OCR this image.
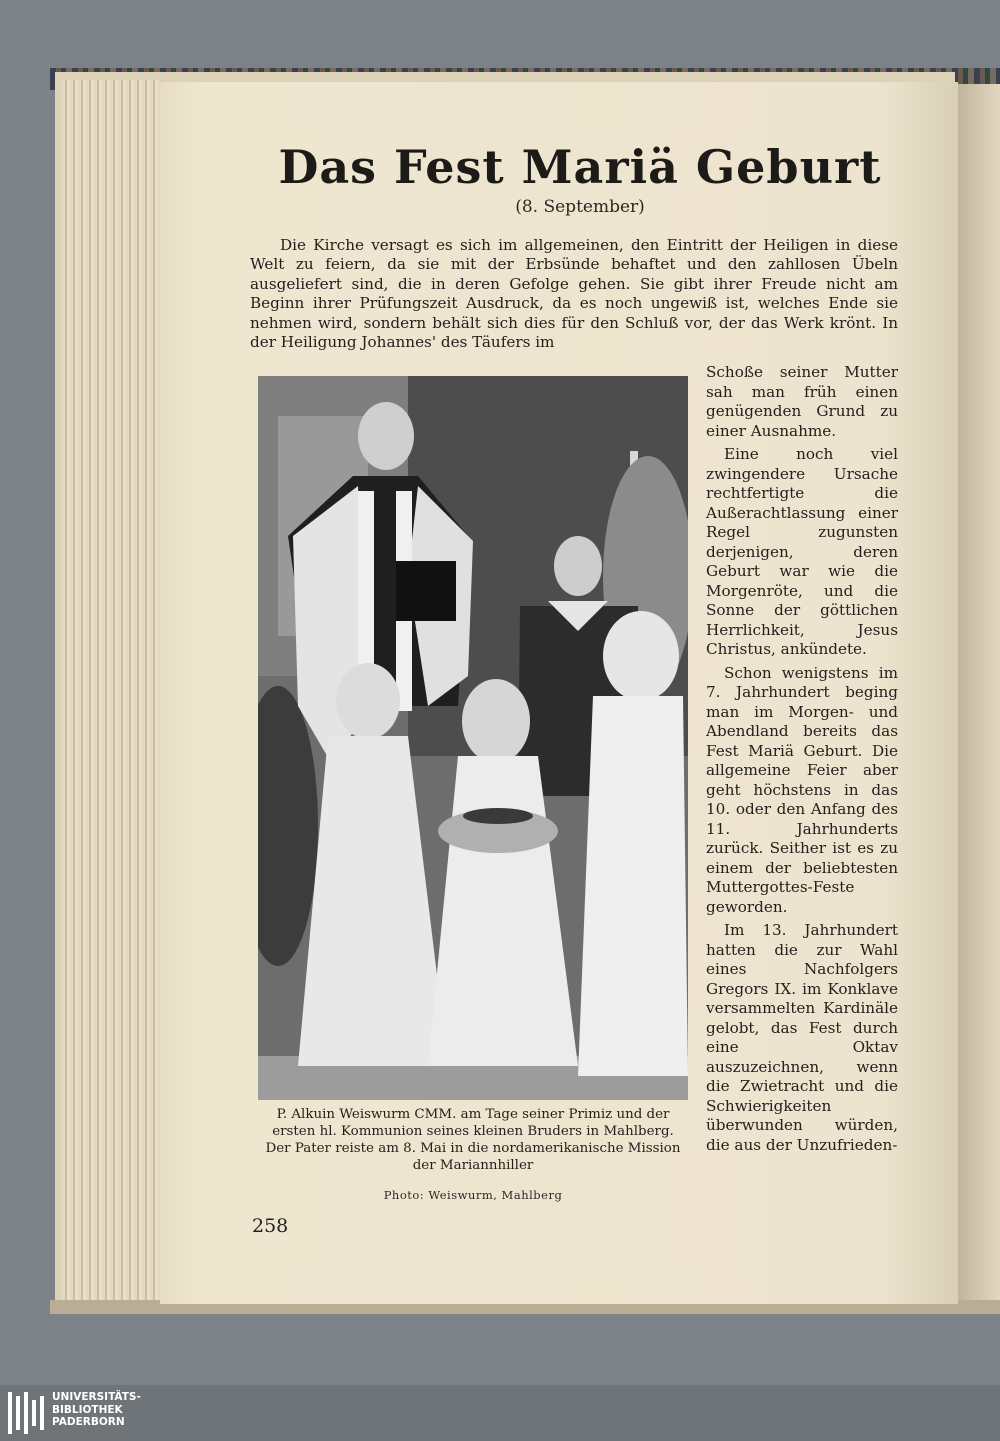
Das Fest Mariä Geburt
(8. September)
Die Kirche versagt es sich im allgemeinen, den Eintritt der Heiligen in diese Welt zu feiern, da sie mit der Erbsünde behaftet und den zahllosen Übeln ausgeliefert sind, die in deren Gefolge gehen. Sie gibt ihrer Freude nicht am Beginn ihrer Prüfungszeit Ausdruck, da es noch ungewiß ist, welches Ende sie nehmen wird, sondern behält sich dies für den Schluß vor, der das Werk krönt. In der Heiligung Johannes' des Täufers im

Schoße seiner Mutter sah man früh einen genügenden Grund zu einer Ausnahme.

Eine noch viel zwingendere Ursache rechtfertigte die Außerachtlassung einer Regel zugunsten derjenigen, deren Geburt war wie die Morgenröte, und die Sonne der göttlichen Herrlichkeit, Jesus Christus, ankündete.

Schon wenigstens im 7. Jahrhundert beging man im Morgen- und Abendland bereits das Fest Mariä Geburt. Die allgemeine Feier aber geht höchstens in das 10. oder den Anfang des 11. Jahrhunderts zurück. Seither ist es zu einem der beliebtesten Muttergottes-Feste geworden.

Im 13. Jahrhundert hatten die zur Wahl eines Nachfolgers Gregors IX. im Konklave versammelten Kardinäle gelobt, das Fest durch eine Oktav auszuzeichnen, wenn die Zwietracht und die Schwierigkeiten überwunden würden, die aus der Unzufrieden-

P. Alkuin Weiswurm CMM. am Tage seiner Primiz und der ersten hl. Kommunion seines kleinen Bruders in Mahlberg. Der Pater reiste am 8. Mai in die nordamerikanische Mission der Mariannhiller
Photo: Weiswurm, Mahlberg
258
UNIVERSITÄTS-
BIBLIOTHEK
PADERBORN
